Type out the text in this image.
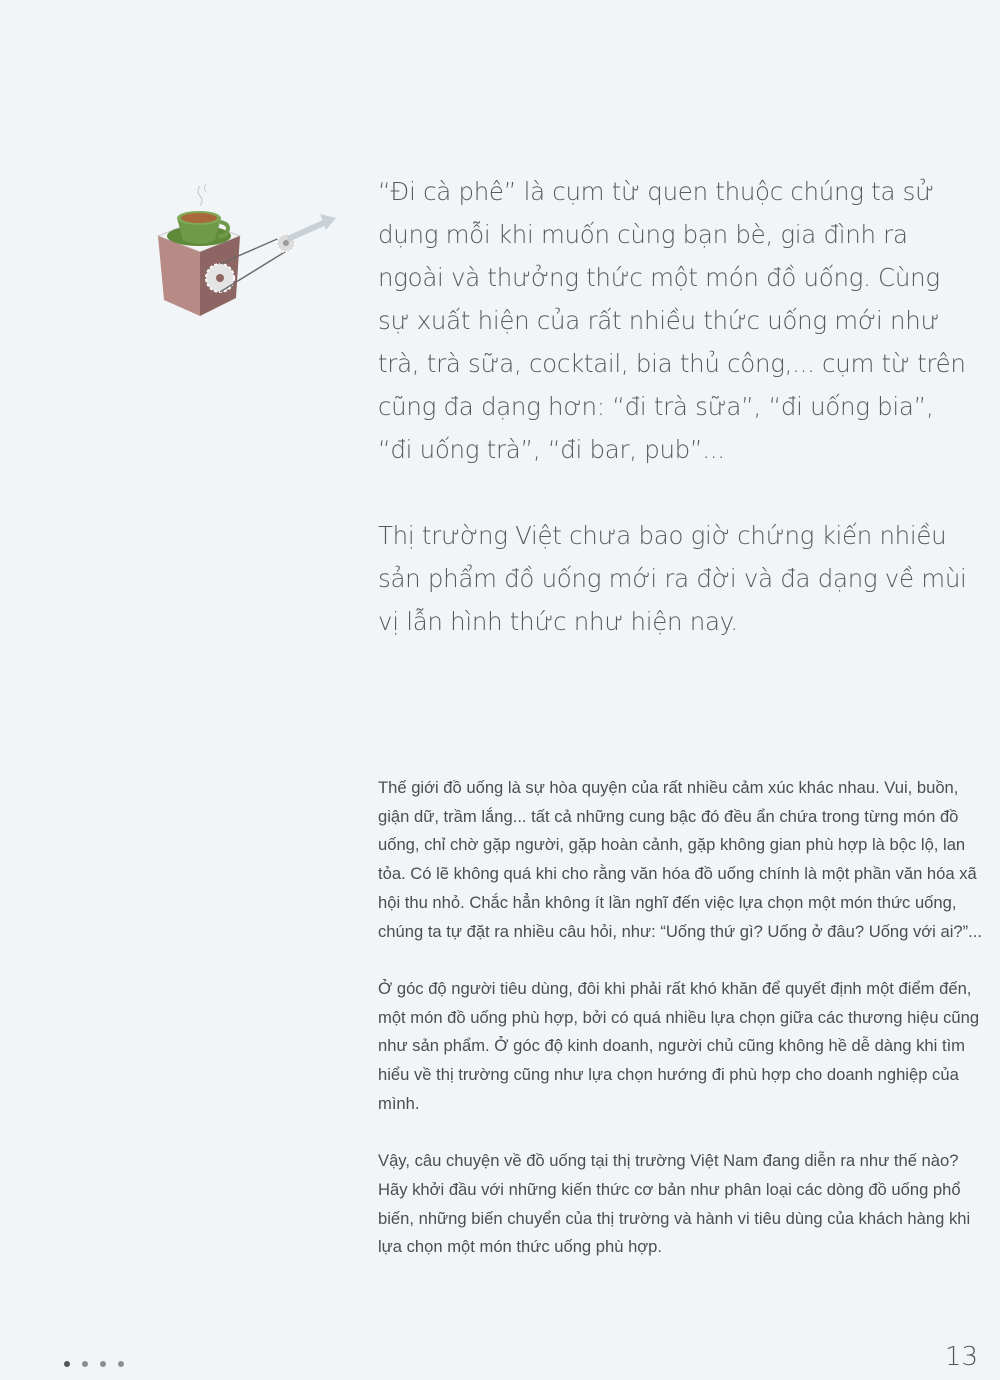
“Đi cà phê” là cụm từ quen thuộc chúng ta sử dụng mỗi khi muốn cùng bạn bè, gia đình ra ngoài và thưởng thức một món đồ uống. Cùng sự xuất hiện của rất nhiều thức uống mới như trà, trà sữa, cocktail, bia thủ công,... cụm từ trên cũng đa dạng hơn: “đi trà sữa”, “đi uống bia”, “đi uống trà”, “đi bar, pub”...

Thị trường Việt chưa bao giờ chứng kiến nhiều sản phẩm đồ uống mới ra đời và đa dạng về mùi vị lẫn hình thức như hiện nay.

Thế giới đồ uống là sự hòa quyện của rất nhiều cảm xúc khác nhau. Vui, buồn, giận dữ, trầm lắng... tất cả những cung bậc đó đều ẩn chứa trong từng món đồ uống, chỉ chờ gặp người, gặp hoàn cảnh, gặp không gian phù hợp là bộc lộ, lan tỏa. Có lẽ không quá khi cho rằng văn hóa đồ uống chính là một phần văn hóa xã hội thu nhỏ. Chắc hẳn không ít lần nghĩ đến việc lựa chọn một món thức uống, chúng ta tự đặt ra nhiều câu hỏi, như: “Uống thứ gì? Uống ở đâu? Uống với ai?”...

Ở góc độ người tiêu dùng, đôi khi phải rất khó khăn để quyết định một điểm đến, một món đồ uống phù hợp, bởi có quá nhiều lựa chọn giữa các thương hiệu cũng như sản phẩm. Ở góc độ kinh doanh, người chủ cũng không hề dễ dàng khi tìm hiểu về thị trường cũng như lựa chọn hướng đi phù hợp cho doanh nghiệp của mình.

Vậy, câu chuyện về đồ uống tại thị trường Việt Nam đang diễn ra như thế nào? Hãy khởi đầu với những kiến thức cơ bản như phân loại các dòng đồ uống phổ biến, những biến chuyển của thị trường và hành vi tiêu dùng của khách hàng khi lựa chọn một món thức uống phù hợp.

13
